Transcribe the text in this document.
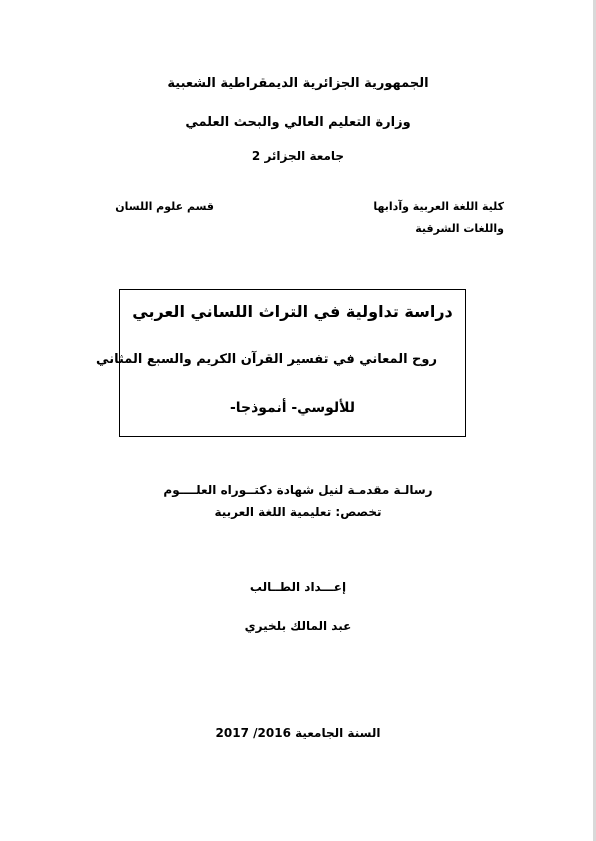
الجمهورية الجزائرية الديمقراطية الشعبية
وزارة التعليم العالي والبحث العلمي
جامعة الجزائر 2
كلية اللغة العربية وآدابها
واللغات الشرقية
قسم علوم اللسان
دراسة تداولية في التراث اللساني العربي
روح المعاني في تفسير القرآن الكريم والسبع المثاني
للألوسي- أنموذجا-
رسالـة مقدمـة لنيل شهادة دكتــوراه العلــــوم
تخصص: تعليمية اللغة العربية
إعـــداد الطــالب
عبد المالك بلخيري
السنة الجامعية 2016/ 2017
